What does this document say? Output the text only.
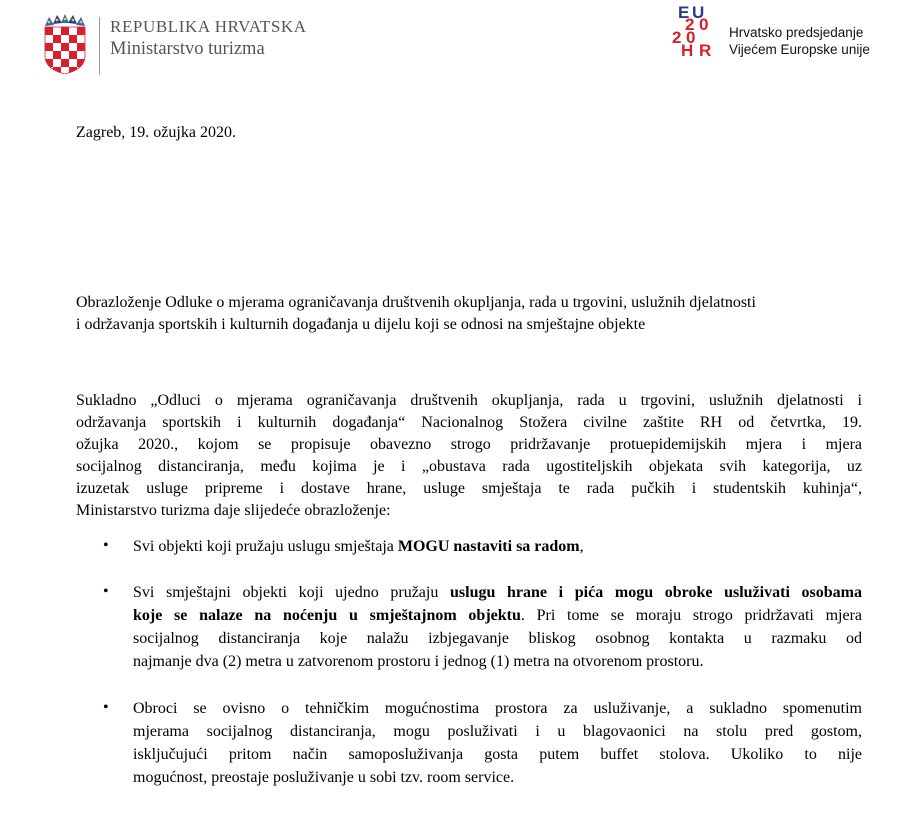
REPUBLIKA HRVATSKA
Ministarstvo turizma
E U
2 0
2 0
H R
Hrvatsko predsjedanje
Vijećem Europske unije
Zagreb, 19. ožujka 2020.
Obrazloženje Odluke o mjerama ograničavanja društvenih okupljanja, rada u trgovini, uslužnih djelatnosti
i održavanja sportskih i kulturnih događanja u dijelu koji se odnosi na smještajne objekte
Sukladno „Odluci o mjerama ograničavanja društvenih okupljanja, rada u trgovini, uslužnih djelatnosti i
održavanja sportskih i kulturnih događanja“ Nacionalnog Stožera civilne zaštite RH od četvrtka, 19.
ožujka 2020., kojom se propisuje obavezno strogo pridržavanje protuepidemijskih mjera i mjera
socijalnog distanciranja, među kojima je i „obustava rada ugostiteljskih objekata svih kategorija, uz
izuzetak usluge pripreme i dostave hrane, usluge smještaja te rada pučkih i studentskih kuhinja“,
Ministarstvo turizma daje slijedeće obrazloženje:
• Svi objekti koji pružaju uslugu smještaja MOGU nastaviti sa radom,
• Svi smještajni objekti koji ujedno pružaju uslugu hrane i pića mogu obroke usluživati osobama
koje se nalaze na noćenju u smještajnom objektu. Pri tome se moraju strogo pridržavati mjera
socijalnog distanciranja koje nalažu izbjegavanje bliskog osobnog kontakta u razmaku od
najmanje dva (2) metra u zatvorenom prostoru i jednog (1) metra na otvorenom prostoru.
• Obroci se ovisno o tehničkim mogućnostima prostora za usluživanje, a sukladno spomenutim
mjerama socijalnog distanciranja, mogu posluživati i u blagovaonici na stolu pred gostom,
isključujući pritom način samoposluživanja gosta putem buffet stolova. Ukoliko to nije
mogućnost, preostaje posluživanje u sobi tzv. room service.
